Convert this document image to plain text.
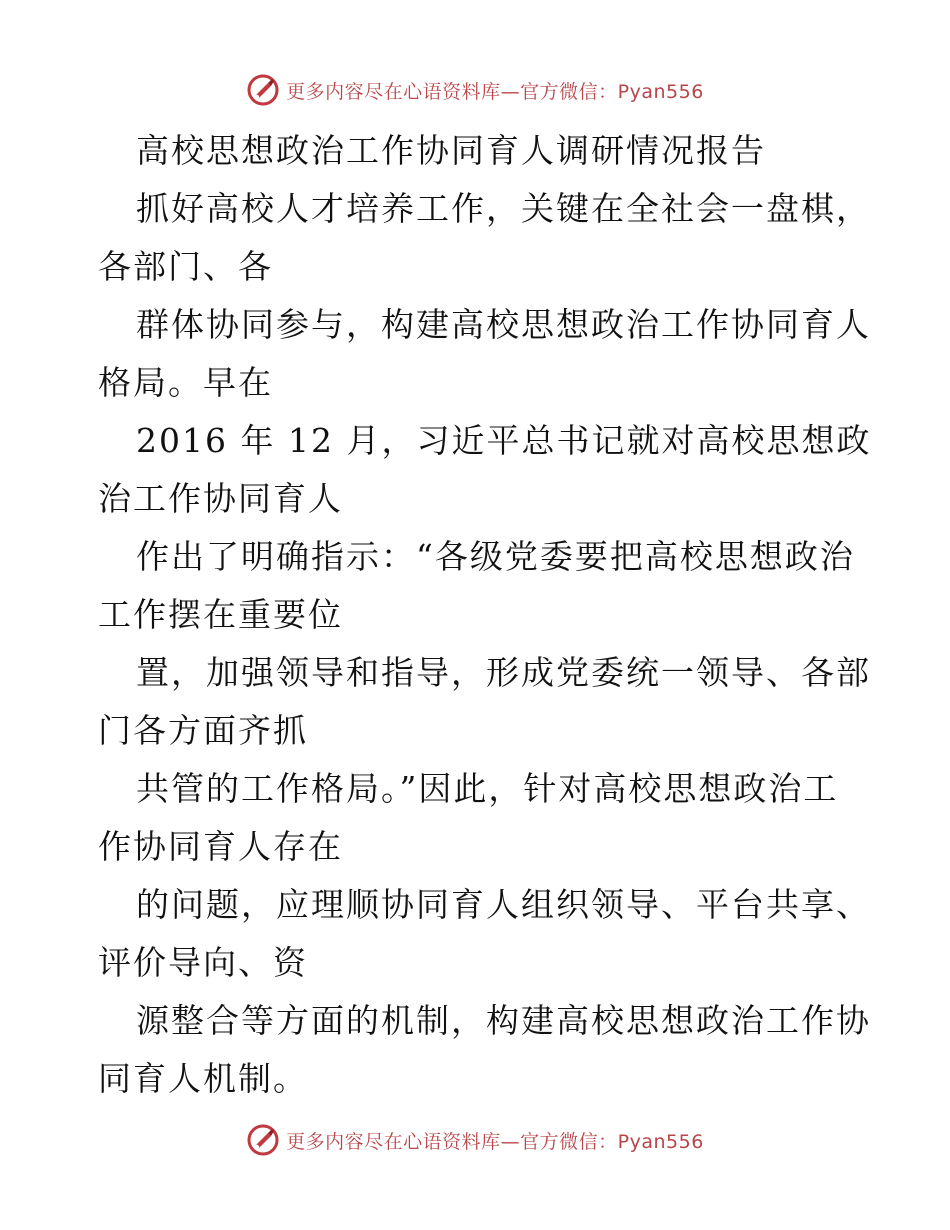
更多内容尽在心语资料库—官方微信：Pyan556
高校思想政治工作协同育人调研情况报告
抓好高校人才培养工作，关键在全社会一盘棋，
各部门、各
群体协同参与，构建高校思想政治工作协同育人
格局。早在
2016 年 12 月，习近平总书记就对高校思想政
治工作协同育人
作出了明确指示：“各级党委要把高校思想政治
工作摆在重要位
置，加强领导和指导，形成党委统一领导、各部
门各方面齐抓
共管的工作格局。”因此，针对高校思想政治工
作协同育人存在
的问题，应理顺协同育人组织领导、平台共享、
评价导向、资
源整合等方面的机制，构建高校思想政治工作协
同育人机制。
更多内容尽在心语资料库—官方微信：Pyan556
